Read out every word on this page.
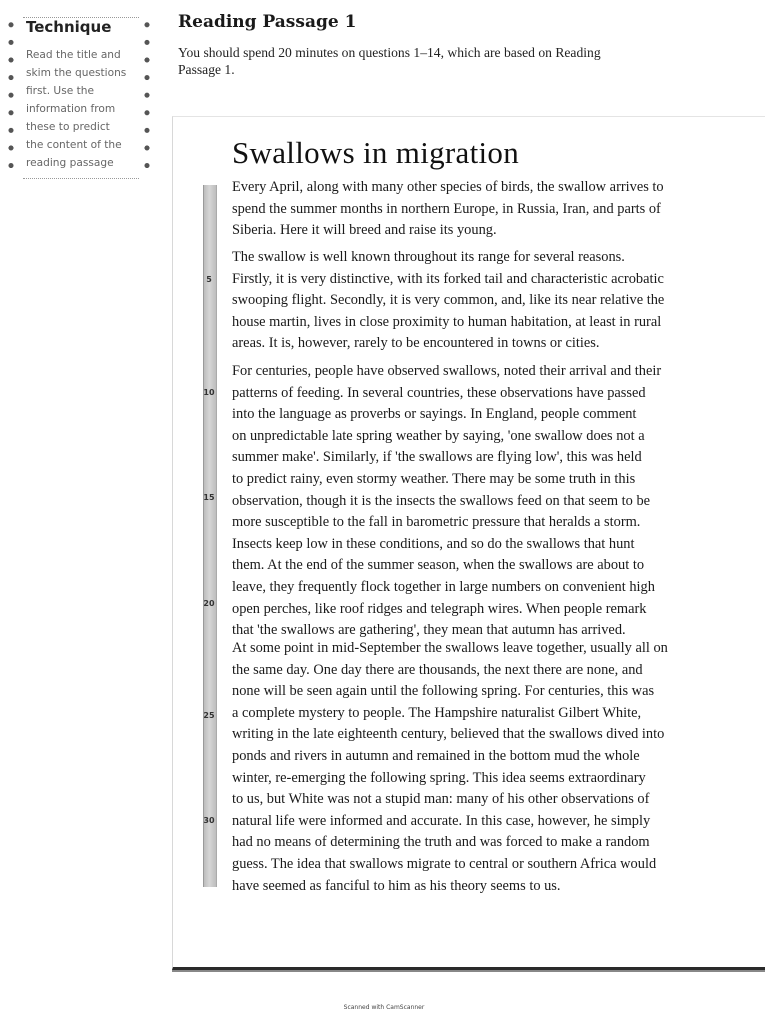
Technique
Read the title and
skim the questions
first. Use the
information from
these to predict
the content of the
reading passage
Reading Passage 1
You should spend 20 minutes on questions 1–14, which are based on Reading
Passage 1.
5
10
15
20
25
30
Swallows in migration
Every April, along with many other species of birds, the swallow arrives to
spend the summer months in northern Europe, in Russia, Iran, and parts of
Siberia. Here it will breed and raise its young.
The swallow is well known throughout its range for several reasons.
Firstly, it is very distinctive, with its forked tail and characteristic acrobatic
swooping flight. Secondly, it is very common, and, like its near relative the
house martin, lives in close proximity to human habitation, at least in rural
areas. It is, however, rarely to be encountered in towns or cities.
For centuries, people have observed swallows, noted their arrival and their
patterns of feeding. In several countries, these observations have passed
into the language as proverbs or sayings. In England, people comment
on unpredictable late spring weather by saying, 'one swallow does not a
summer make'. Similarly, if 'the swallows are flying low', this was held
to predict rainy, even stormy weather. There may be some truth in this
observation, though it is the insects the swallows feed on that seem to be
more susceptible to the fall in barometric pressure that heralds a storm.
Insects keep low in these conditions, and so do the swallows that hunt
them. At the end of the summer season, when the swallows are about to
leave, they frequently flock together in large numbers on convenient high
open perches, like roof ridges and telegraph wires. When people remark
that 'the swallows are gathering', they mean that autumn has arrived.
At some point in mid-September the swallows leave together, usually all on
the same day. One day there are thousands, the next there are none, and
none will be seen again until the following spring. For centuries, this was
a complete mystery to people. The Hampshire naturalist Gilbert White,
writing in the late eighteenth century, believed that the swallows dived into
ponds and rivers in autumn and remained in the bottom mud the whole
winter, re-emerging the following spring. This idea seems extraordinary
to us, but White was not a stupid man: many of his other observations of
natural life were informed and accurate. In this case, however, he simply
had no means of determining the truth and was forced to make a random
guess. The idea that swallows migrate to central or southern Africa would
have seemed as fanciful to him as his theory seems to us.
Scanned with CamScanner
